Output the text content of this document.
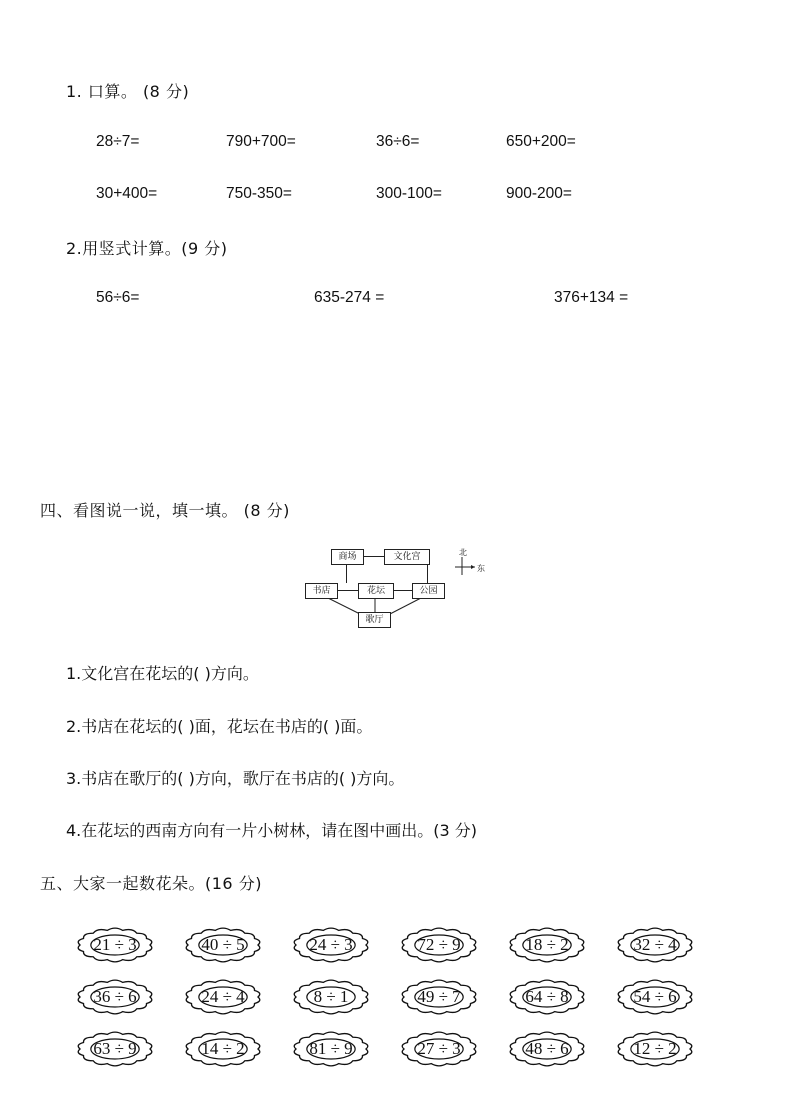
1. 口算。 (8 分)
28÷7=	790+700=	36÷6=	650+200=
30+400=	750-350=	300-100=	900-200=
2.用竖式计算。(9 分)
56÷6=	635-274 =	376+134 =
四、看图说一说，填一填。 (8 分)
商场	文化宫
书店	花坛	公园
歌厅
北
东
1.文化宫在花坛的( )方向。
2.书店在花坛的( )面，花坛在书店的( )面。
3.书店在歌厅的( )方向，歌厅在书店的( )方向。
4.在花坛的西南方向有一片小树林，请在图中画出。(3 分)
五、大家一起数花朵。(16 分)
21 ÷ 3	40 ÷ 5	24 ÷ 3	72 ÷ 9	18 ÷ 2	32 ÷ 4
36 ÷ 6	24 ÷ 4	8 ÷ 1	49 ÷ 7	64 ÷ 8	54 ÷ 6
63 ÷ 9	14 ÷ 2	81 ÷ 9	27 ÷ 3	48 ÷ 6	12 ÷ 2
